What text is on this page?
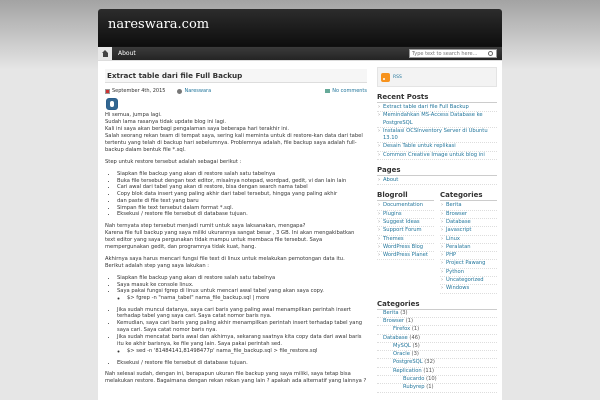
nareswara.com
About
Type text to search here...
Extract table dari file Full Backup
September 4th, 2015	Nareswara	No comments

Hi semua, jumpa lagi.

Sudah lama rasanya tidak update blog ini lagi.

Kali ini saya akan berbagi pengalaman saya beberapa hari terakhir ini.

Salah seorang rekan team di tempat saya, sering kali meminta untuk di restore-kan data dari tabel

tertentu yang telah di backup hari sebelumnya. Problemnya adalah, file backup saya adalah full-

backup dalam bentuk file *.sql.

Step untuk restore tersebut adalah sebagai berikut :

• Siapkan file backup yang akan di restore salah satu tabelnya
• Buka file tersebut dengan text editor, misalnya notepad, wordpad, gedit, vi dan lain lain
• Cari awal dari tabel yang akan di restore, bisa dengan search nama tabel
• Copy blok data insert yang paling akhir dari tabel tersebut, hingga yang paling akhir
• dan paste di file text yang baru
• Simpan file text tersebut dalam format *.sql.
• Eksekusi / restore file tersebut di database tujuan.

Nah ternyata step tersebut menjadi rumit untuk saya laksanakan, mengapa?

Karena file full backup yang saya miliki ukurannya sangat besar , 3 GB. Ini akan mengakibatkan

text editor yang saya pergunakan tidak mampu untuk membaca file tersebut. Saya

mempergunakan gedit, dan programnya tidak kuat, hang.

Akhirnya saya harus mencari fungsi file text di linux untuk melakukan pemotongan data itu.

Berikut adalah step yang saya lakukan :

• Siapkan file backup yang akan di restore salah satu tabelnya
• Saya masuk ke console linux.
• Saya pakai fungsi fgrep di linux untuk mencari awal tabel yang akan saya copy.
◦ $> fgrep -n "nama_tabel" nama_file_backup.sql | more
• Jika sudah muncul datanya, saya cari baris yang paling awal menampilkan perintah insert

terhadap tabel yang saya cari. Saya catat nomor baris nya.

• Kemudian, saya cari baris yang paling akhir menampilkan perintah insert terhadap tabel yang

saya cari. Saya catat nomor baris nya.

• Jika sudah mencatat baris awal dan akhirnya, sekarang saatnya kita copy data dari awal baris

itu ke akhir barisnya, ke file yang lain. Saya pakai perintah sed.

◦ $> sed -n '81484141,81498477p' nama_file_backup.sql > file_restore.sql
• Eksekusi / restore file tersebut di database tujuan.

Nah selesai sudah, dengan ini, berapapun ukuran file backup yang saya miliki, saya tetap bisa

melakukan restore. Bagaimana dengan rekan rekan yang lain ? apakah ada alternatif yang lainnya ?

RSS
Recent Posts
› Extract table dari file Full Backup
› Memindahkan MS-Access Database ke PostgreSQL
› Instalasi OCSInventory Server di Ubuntu 13.10
› Desain Table untuk replikasi
› Common Creative Image untuk blog ini
Pages
› About
Blogroll
› Documentation
› Plugins
› Suggest Ideas
› Support Forum
› Themes
› WordPress Blog
› WordPress Planet
Categories
› Berita
› Browser
› Database
› Javascript
› Linux
› Peralatan
› PHP
› Project Pawang
› Python
› Uncategorized
› Windows
Categories
Berita (3)
Browser (1)
Firefox (1)
Database (46)
MySQL (5)
Oracle (3)
PostgreSQL (32)
Replication (11)
Bucardo (10)
Rubyrep (1)
